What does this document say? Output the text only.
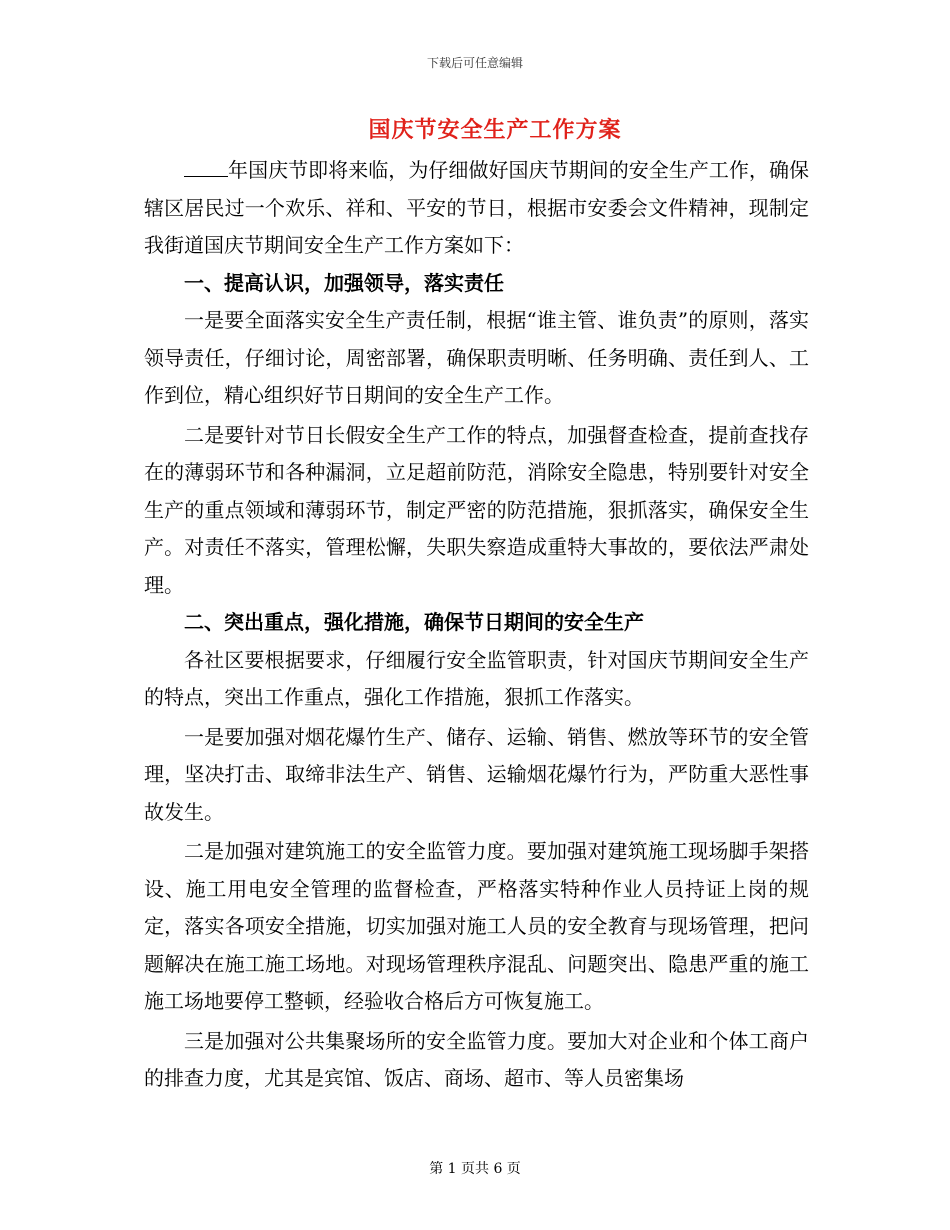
下载后可任意编辑
国庆节安全生产工作方案

年国庆节即将来临，为仔细做好国庆节期间的安全生产工作，确保辖区居民过一个欢乐、祥和、平安的节日，根据市安委会文件精神，现制定我街道国庆节期间安全生产工作方案如下：

一、提高认识，加强领导，落实责任

一是要全面落实安全生产责任制，根据“谁主管、谁负责”的原则，落实领导责任，仔细讨论，周密部署，确保职责明晰、任务明确、责任到人、工作到位，精心组织好节日期间的安全生产工作。

二是要针对节日长假安全生产工作的特点，加强督查检查，提前查找存在的薄弱环节和各种漏洞，立足超前防范，消除安全隐患，特别要针对安全生产的重点领域和薄弱环节，制定严密的防范措施，狠抓落实，确保安全生产。对责任不落实，管理松懈，失职失察造成重特大事故的，要依法严肃处理。

二、突出重点，强化措施，确保节日期间的安全生产

各社区要根据要求，仔细履行安全监管职责，针对国庆节期间安全生产的特点，突出工作重点，强化工作措施，狠抓工作落实。

一是要加强对烟花爆竹生产、储存、运输、销售、燃放等环节的安全管理，坚决打击、取缔非法生产、销售、运输烟花爆竹行为，严防重大恶性事故发生。

二是加强对建筑施工的安全监管力度。要加强对建筑施工现场脚手架搭设、施工用电安全管理的监督检查，严格落实特种作业人员持证上岗的规定，落实各项安全措施，切实加强对施工人员的安全教育与现场管理，把问题解决在施工施工场地。对现场管理秩序混乱、问题突出、隐患严重的施工施工场地要停工整顿，经验收合格后方可恢复施工。

三是加强对公共集聚场所的安全监管力度。要加大对企业和个体工商户的排查力度，尤其是宾馆、饭店、商场、超市、等人员密集场

第 1 页共 6 页
